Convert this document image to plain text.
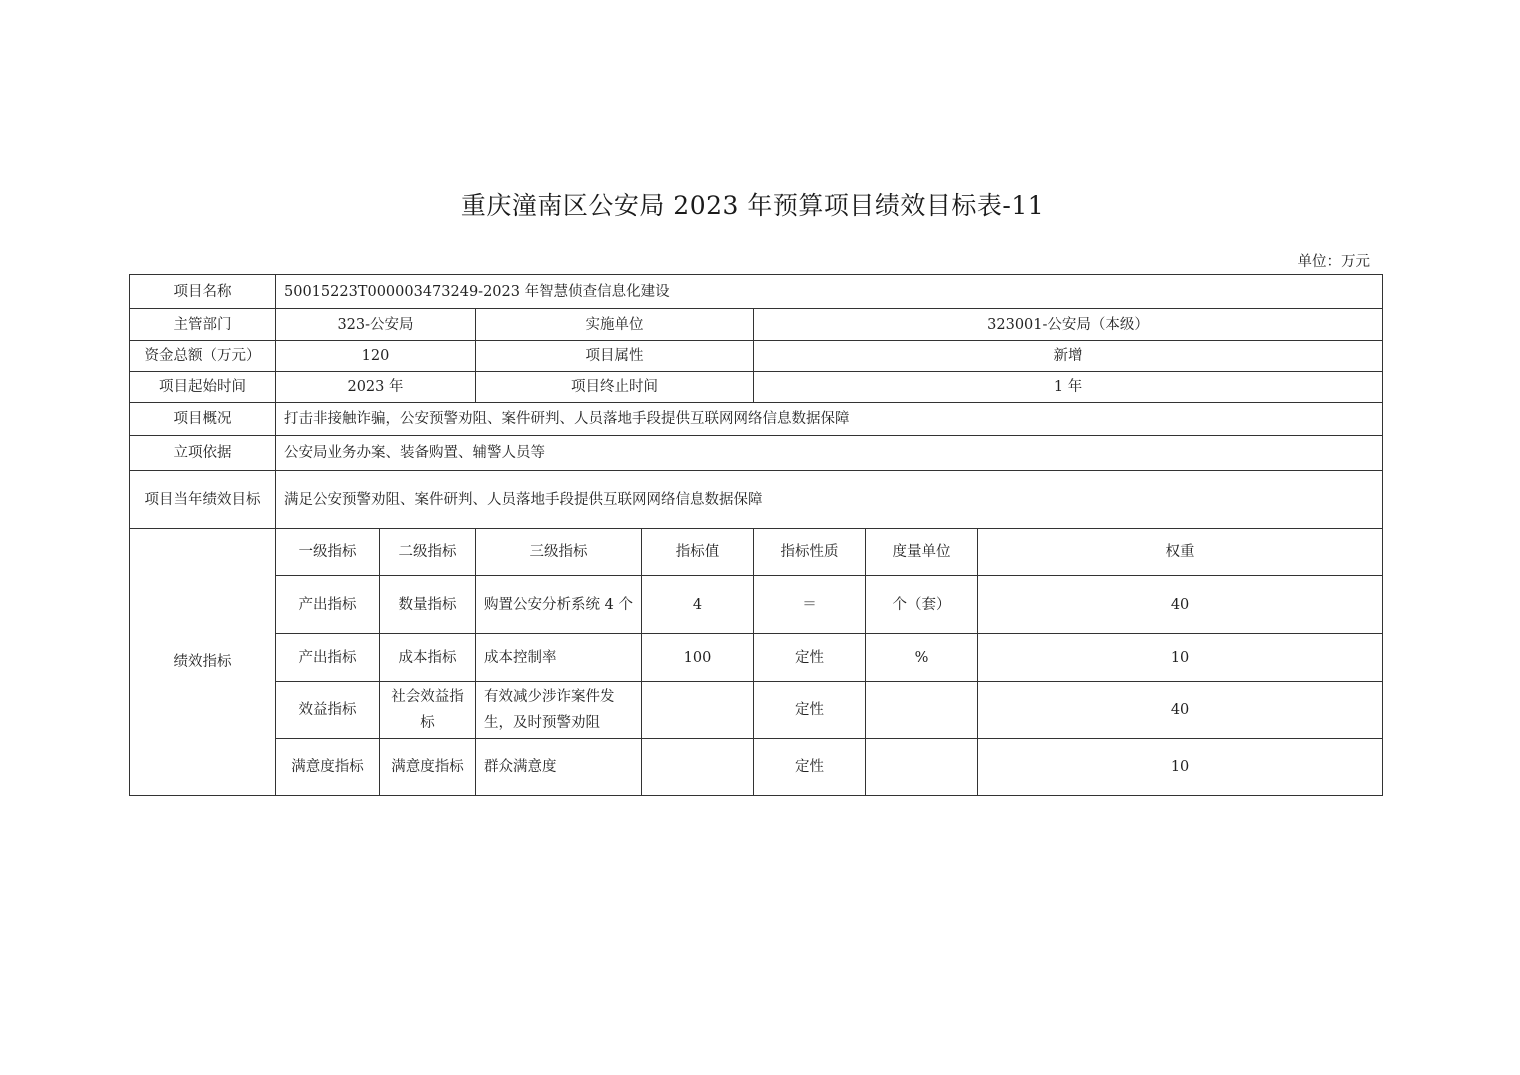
重庆潼南区公安局 2023 年预算项目绩效目标表-11
单位：万元
项目名称	50015223T000003473249-2023 年智慧侦查信息化建设						
主管部门	323-公安局		实施单位		323001-公安局（本级）		
资金总额（万元）	120		项目属性		新增		
项目起始时间	2023 年		项目终止时间		1 年		
项目概况	打击非接触诈骗，公安预警劝阻、案件研判、人员落地手段提供互联网网络信息数据保障						
立项依据	公安局业务办案、装备购置、辅警人员等						
项目当年绩效目标	满足公安预警劝阻、案件研判、人员落地手段提供互联网网络信息数据保障						
绩效指标	一级指标	二级指标	三级指标	指标值	指标性质	度量单位	权重
	产出指标	数量指标	购置公安分析系统 4 个	4	＝	个（套）	40
	产出指标	成本指标	成本控制率	100	定性	%	10
	效益指标	社会效益指标	有效减少涉诈案件发生，及时预警劝阻		定性		40
	满意度指标	满意度指标	群众满意度		定性		10
